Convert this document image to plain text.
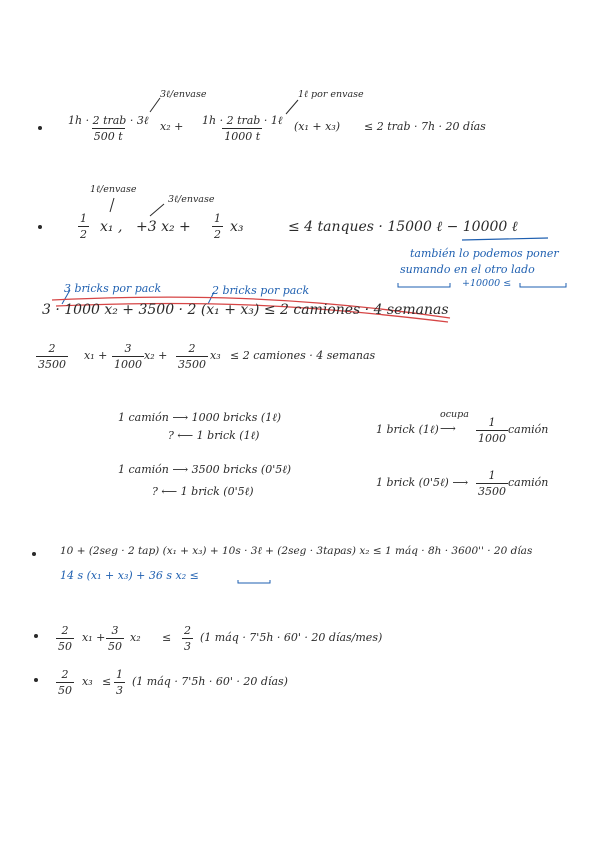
3ℓ/envase	1ℓ por envase
1h · 2 trab · 3ℓ
500 t
x₂ + 1h · 2 trab · 1ℓ
1000 t
(x₁ + x₃) ≤ 2 trab · 7h · 20 días
1ℓ/envase
3ℓ/envase
$\frac{1}{2} x_1$ , +3 $x_2 + \frac{1}{2} x_3$	≤ 4 tanques · 15000 ℓ − 10000 ℓ
también lo podemos poner
sumando en el otro lado
+10000 ≤
3 bricks por pack	2 bricks por pack
3 · 1000 x₂ + 3500 · 2 (x₁ + x₃) ≤ 2 camiones · 4 semanas
$\frac{2}{3500} x_1 + \frac{3}{1000} x_2 + \frac{2}{3500} x_3 \le 2$ camiones · 4 semanas
1 camión ⟶ 1000 bricks (1ℓ)
? ⟵ 1 brick (1ℓ)	1 brick (1ℓ)
ocupa
⟶ $\frac{1}{1000}$ camión
1 camión ⟶ 3500 bricks (0'5ℓ)
? ⟵ 1 brick (0'5ℓ)
1 brick (0'5ℓ) ⟶ $\frac{1}{3500}$ camión
10 + (2seg · 2 tap) (x₁ + x₃) + 10s · 3ℓ + (2seg · 3tapas) x₂ ≤ 1 máq · 8h · 3600'' · 20 días
14 s (x₁ + x₃) + 36 s x₂ ≤
$\frac{2}{50} x_1 + \frac{3}{50} x_2 \le \frac{2}{3} (1$ máq · 7'5h · 60' · 20 días/mes)
$\frac{2}{50} x_3 \le \frac{1}{3} (1$ máq · 7'5h · 60' · 20 días)
